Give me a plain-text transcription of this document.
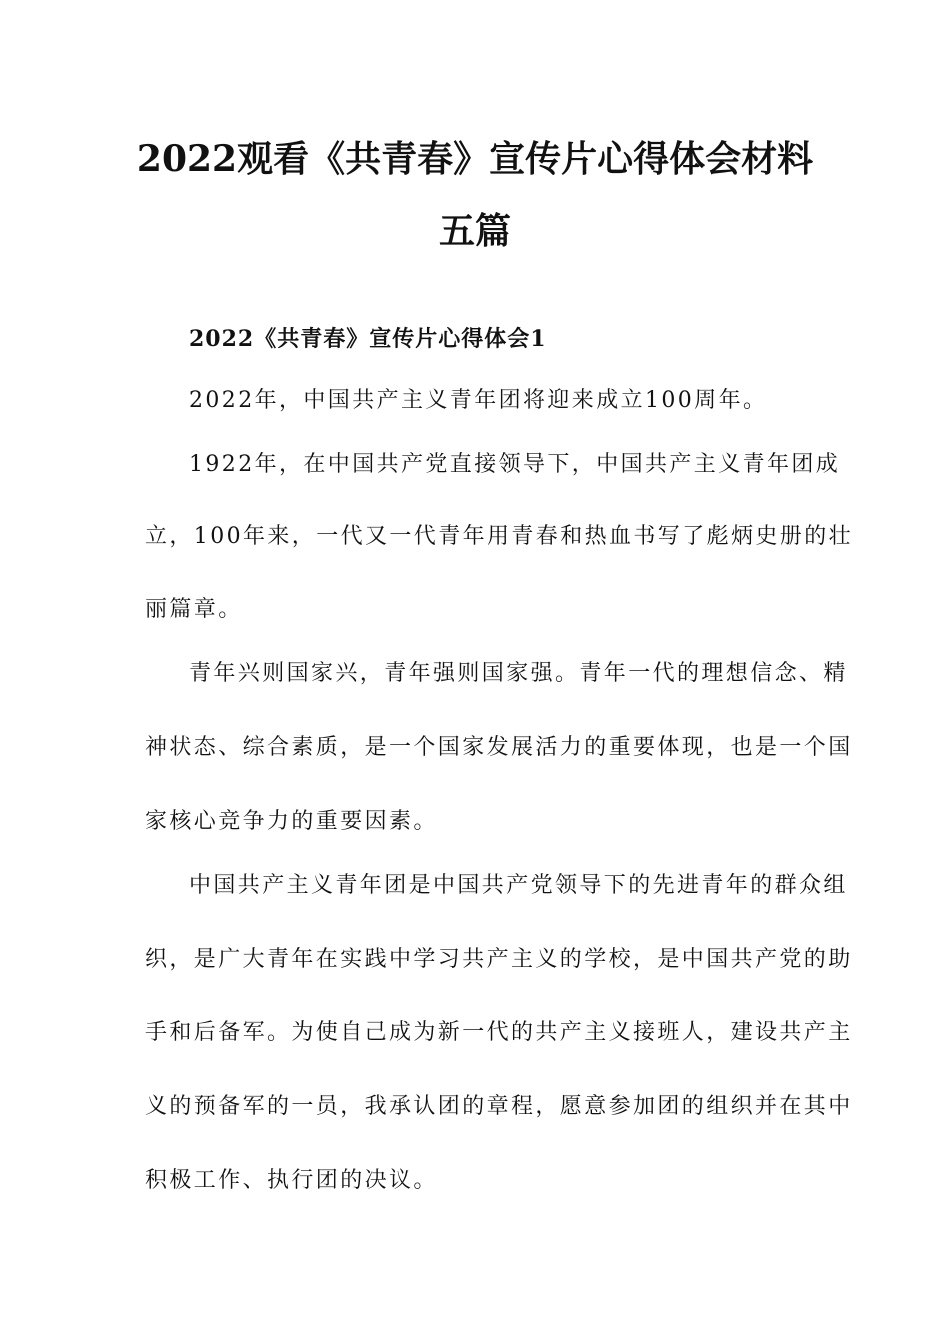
2022观看《共青春》宣传片心得体会材料
五篇
2022《共青春》宣传片心得体会1
2022年，中国共产主义青年团将迎来成立100周年。
1922年，在中国共产党直接领导下，中国共产主义青年团成
立，100年来，一代又一代青年用青春和热血书写了彪炳史册的壮
丽篇章。
青年兴则国家兴，青年强则国家强。青年一代的理想信念、精
神状态、综合素质，是一个国家发展活力的重要体现，也是一个国
家核心竞争力的重要因素。
中国共产主义青年团是中国共产党领导下的先进青年的群众组
织，是广大青年在实践中学习共产主义的学校，是中国共产党的助
手和后备军。为使自己成为新一代的共产主义接班人，建设共产主
义的预备军的一员，我承认团的章程，愿意参加团的组织并在其中
积极工作、执行团的决议。
